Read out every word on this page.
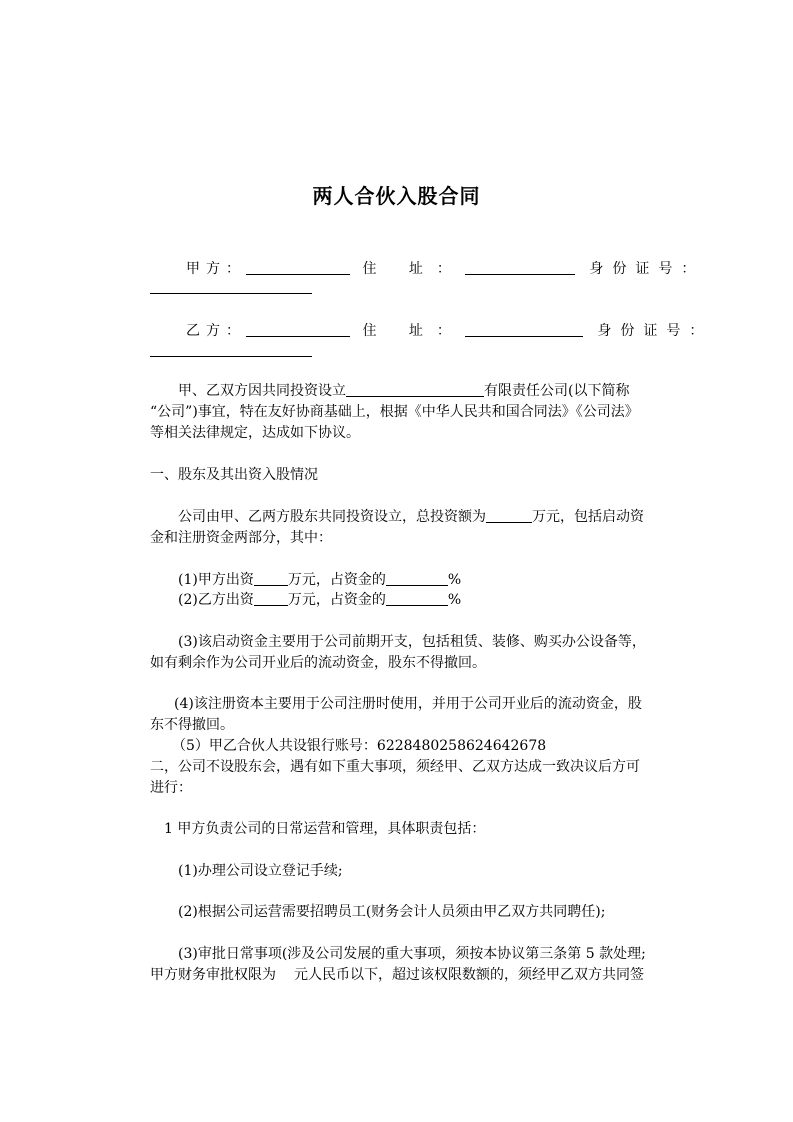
两人合伙入股合同
甲方：	住 址：	身份证号：
乙方：	住 址：	身份证号：
甲、乙双方因共同投资设立	有限责任公司(以下简称
“公司”)事宜，特在友好协商基础上，根据《中华人民共和国合同法》《公司法》
等相关法律规定，达成如下协议。
一、股东及其出资入股情况
公司由甲、乙两方股东共同投资设立，总投资额为	万元，包括启动资
金和注册资金两部分，其中：
(1)甲方出资 万元，占资金的	%
(2)乙方出资 万元，占资金的	%
(3)该启动资金主要用于公司前期开支，包括租赁、装修、购买办公设备等，
如有剩余作为公司开业后的流动资金，股东不得撤回。
(4)该注册资本主要用于公司注册时使用，并用于公司开业后的流动资金，股
东不得撤回。
（5）甲乙合伙人共设银行账号：6228480258624642678
二，公司不设股东会，遇有如下重大事项，须经甲、乙双方达成一致决议后方可
进行：
1 甲方负责公司的日常运营和管理，具体职责包括：
(1)办理公司设立登记手续;
(2)根据公司运营需要招聘员工(财务会计人员须由甲乙双方共同聘任);
(3)审批日常事项(涉及公司发展的重大事项，须按本协议第三条第 5 款处理;
甲方财务审批权限为 元人民币以下，超过该权限数额的，须经甲乙双方共同签
